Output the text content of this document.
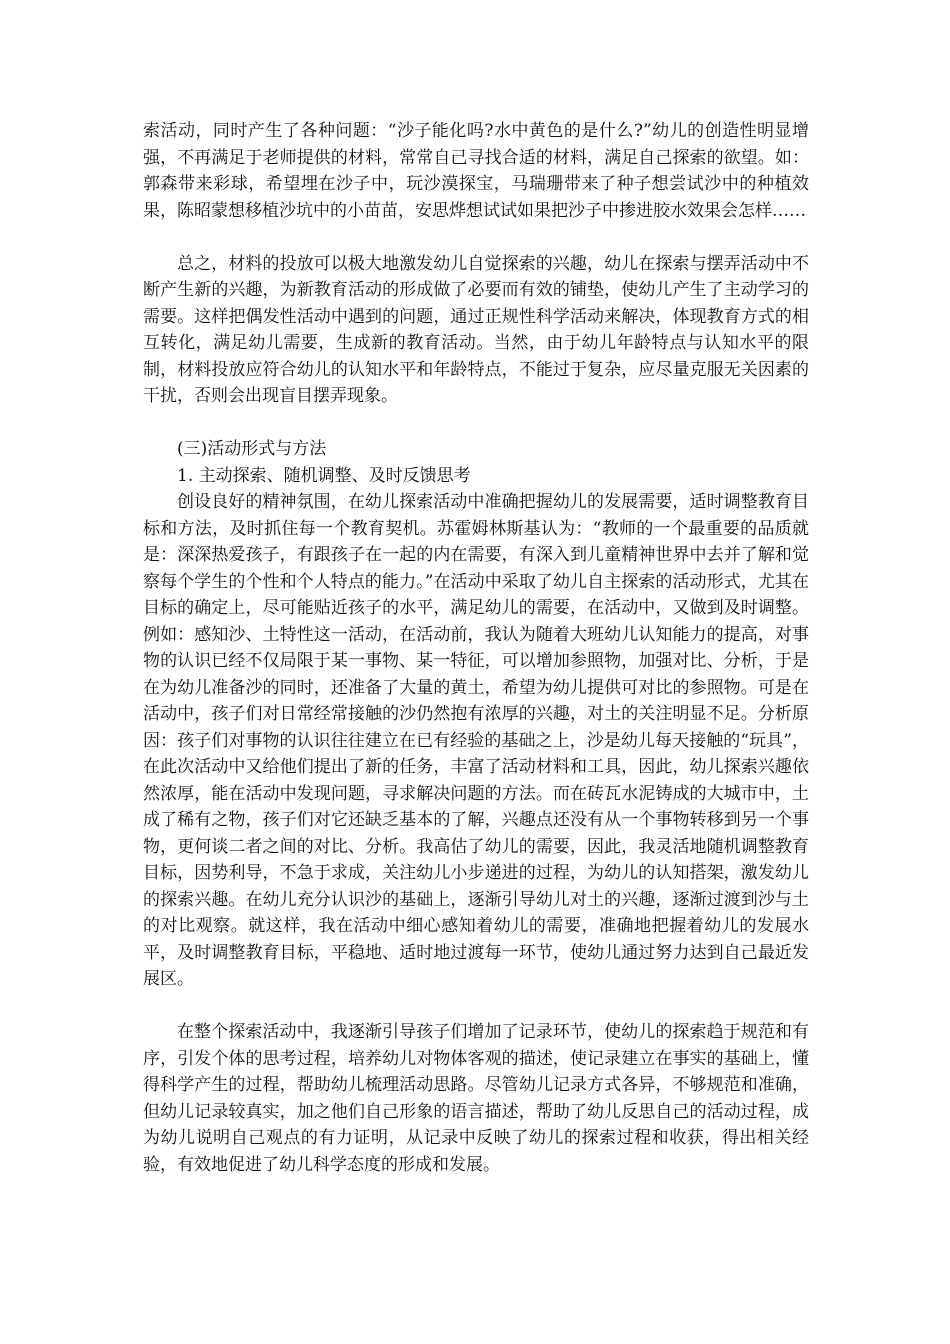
索活动，同时产生了各种问题：“沙子能化吗?水中黄色的是什么?”幼儿的创造性明显增强，不再满足于老师提供的材料，常常自己寻找合适的材料，满足自己探索的欲望。如：郭森带来彩球，希望埋在沙子中，玩沙漠探宝，马瑞珊带来了种子想尝试沙中的种植效果，陈昭蒙想移植沙坑中的小苗苗，安思烨想试试如果把沙子中掺进胶水效果会怎样……

总之，材料的投放可以极大地激发幼儿自觉探索的兴趣，幼儿在探索与摆弄活动中不断产生新的兴趣，为新教育活动的形成做了必要而有效的铺垫，使幼儿产生了主动学习的需要。这样把偶发性活动中遇到的问题，通过正规性科学活动来解决，体现教育方式的相互转化，满足幼儿需要，生成新的教育活动。当然，由于幼儿年龄特点与认知水平的限制，材料投放应符合幼儿的认知水平和年龄特点，不能过于复杂，应尽量克服无关因素的干扰，否则会出现盲目摆弄现象。

(三)活动形式与方法

1. 主动探索、随机调整、及时反馈思考

创设良好的精神氛围，在幼儿探索活动中准确把握幼儿的发展需要，适时调整教育目标和方法，及时抓住每一个教育契机。苏霍姆林斯基认为：“教师的一个最重要的品质就是：深深热爱孩子，有跟孩子在一起的内在需要，有深入到儿童精神世界中去并了解和觉察每个学生的个性和个人特点的能力。”在活动中采取了幼儿自主探索的活动形式，尤其在目标的确定上，尽可能贴近孩子的水平，满足幼儿的需要，在活动中，又做到及时调整。例如：感知沙、土特性这一活动，在活动前，我认为随着大班幼儿认知能力的提高，对事物的认识已经不仅局限于某一事物、某一特征，可以增加参照物，加强对比、分析，于是在为幼儿准备沙的同时，还准备了大量的黄土，希望为幼儿提供可对比的参照物。可是在活动中，孩子们对日常经常接触的沙仍然抱有浓厚的兴趣，对土的关注明显不足。分析原因：孩子们对事物的认识往往建立在已有经验的基础之上，沙是幼儿每天接触的“玩具”，在此次活动中又给他们提出了新的任务，丰富了活动材料和工具，因此，幼儿探索兴趣依然浓厚，能在活动中发现问题，寻求解决问题的方法。而在砖瓦水泥铸成的大城市中，土成了稀有之物，孩子们对它还缺乏基本的了解，兴趣点还没有从一个事物转移到另一个事物，更何谈二者之间的对比、分析。我高估了幼儿的需要，因此，我灵活地随机调整教育目标，因势利导，不急于求成，关注幼儿小步递进的过程，为幼儿的认知搭架，激发幼儿的探索兴趣。在幼儿充分认识沙的基础上，逐渐引导幼儿对土的兴趣，逐渐过渡到沙与土的对比观察。就这样，我在活动中细心感知着幼儿的需要，准确地把握着幼儿的发展水平，及时调整教育目标，平稳地、适时地过渡每一环节，使幼儿通过努力达到自己最近发展区。

在整个探索活动中，我逐渐引导孩子们增加了记录环节，使幼儿的探索趋于规范和有序，引发个体的思考过程，培养幼儿对物体客观的描述，使记录建立在事实的基础上，懂得科学产生的过程，帮助幼儿梳理活动思路。尽管幼儿记录方式各异，不够规范和准确，但幼儿记录较真实，加之他们自己形象的语言描述，帮助了幼儿反思自己的活动过程，成为幼儿说明自己观点的有力证明，从记录中反映了幼儿的探索过程和收获，得出相关经验，有效地促进了幼儿科学态度的形成和发展。
